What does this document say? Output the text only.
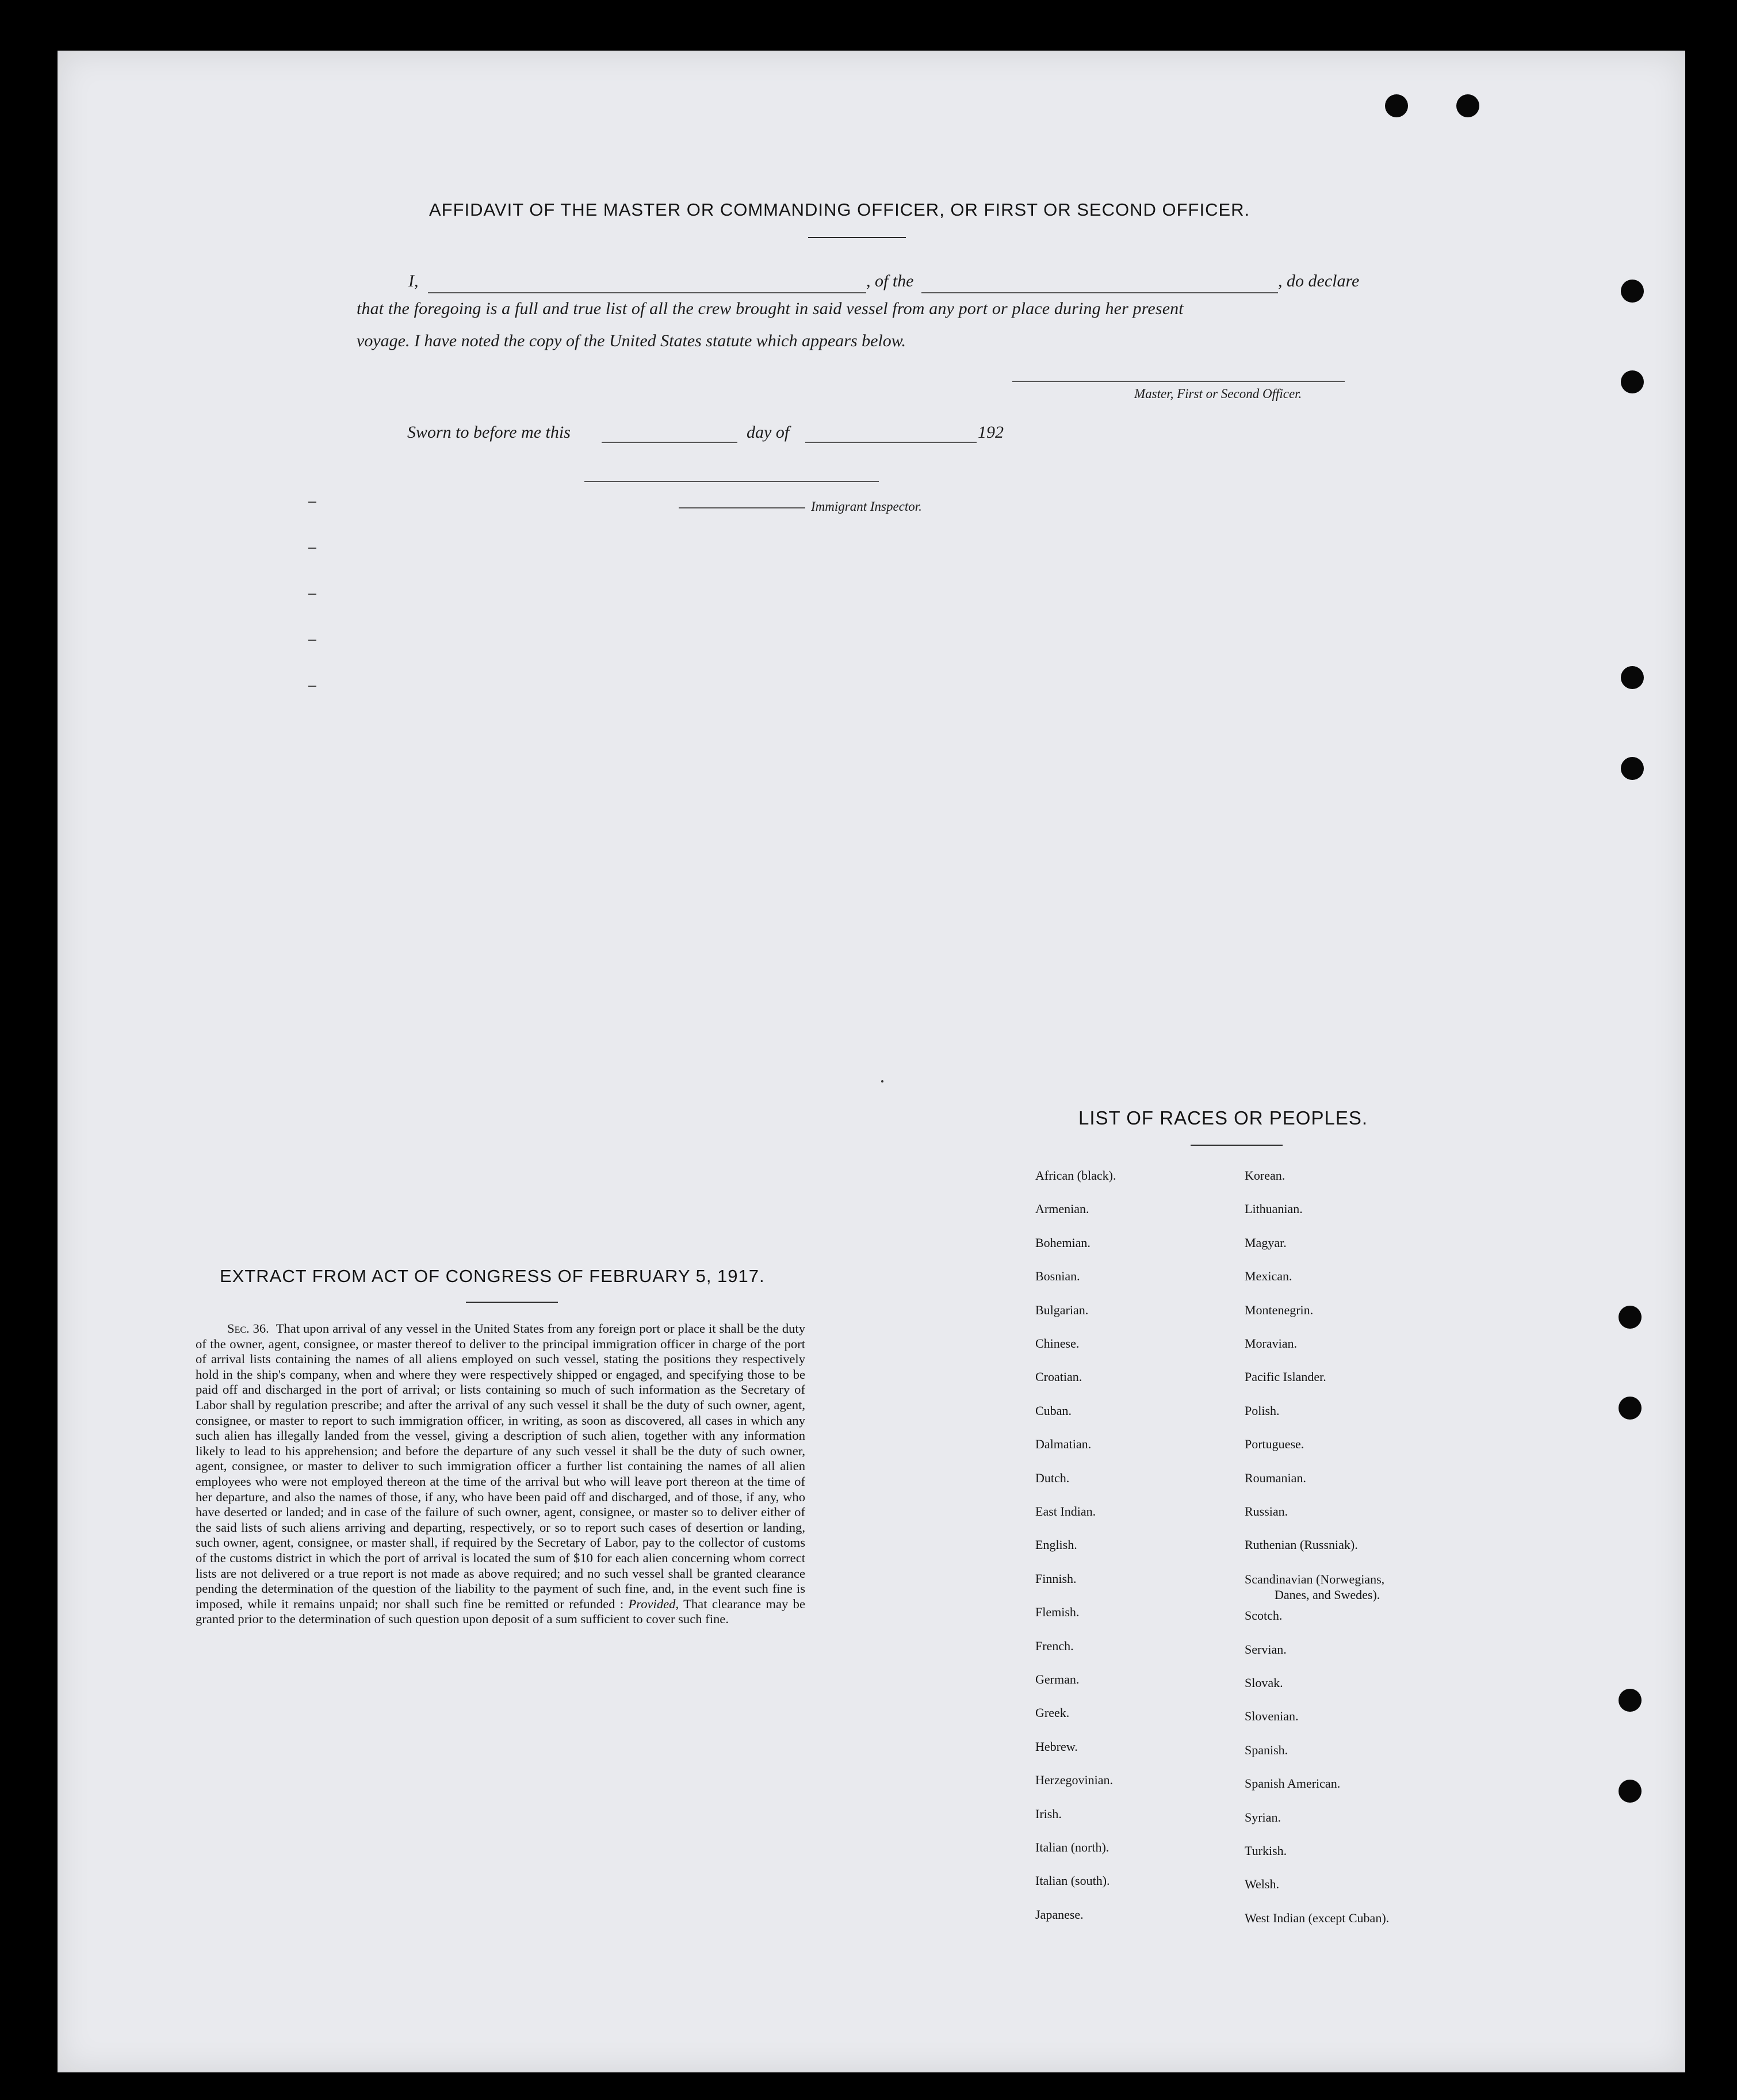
AFFIDAVIT OF THE MASTER OR COMMANDING OFFICER, OR FIRST OR SECOND OFFICER.
I,	, of the	, do declare
that the foregoing is a full and true list of all the crew brought in said vessel from any port or place during her present
voyage. I have noted the copy of the United States statute which appears below.
Master, First or Second Officer.
Sworn to before me this	day of	192
Immigrant Inspector.
EXTRACT FROM ACT OF CONGRESS OF FEBRUARY 5, 1917.
Sec. 36. That upon arrival of any vessel in the United States from any foreign port or place it shall be the duty of the owner, agent, consignee, or master thereof to deliver to the principal immigration officer in charge of the port of arrival lists containing the names of all aliens employed on such vessel, stating the positions they respectively hold in the ship's company, when and where they were respectively shipped or engaged, and specifying those to be paid off and discharged in the port of arrival; or lists containing so much of such information as the Secretary of Labor shall by regulation prescribe; and after the arrival of any such vessel it shall be the duty of such owner, agent, consignee, or master to report to such immigration officer, in writing, as soon as discovered, all cases in which any such alien has illegally landed from the vessel, giving a description of such alien, together with any information likely to lead to his apprehension; and before the departure of any such vessel it shall be the duty of such owner, agent, consignee, or master to deliver to such immigration officer a further list containing the names of all alien employees who were not employed thereon at the time of the arrival but who will leave port thereon at the time of her departure, and also the names of those, if any, who have been paid off and discharged, and of those, if any, who have deserted or landed; and in case of the failure of such owner, agent, consignee, or master so to deliver either of the said lists of such aliens arriving and departing, respectively, or so to report such cases of desertion or landing, such owner, agent, consignee, or master shall, if required by the Secretary of Labor, pay to the collector of customs of the customs district in which the port of arrival is located the sum of $10 for each alien concerning whom correct lists are not delivered or a true report is not made as above required; and no such vessel shall be granted clearance pending the determination of the question of the liability to the payment of such fine, and, in the event such fine is imposed, while it remains unpaid; nor shall such fine be remitted or refunded : Provided, That clearance may be granted prior to the determination of such question upon deposit of a sum sufficient to cover such fine.
LIST OF RACES OR PEOPLES.
African (black).
Armenian.
Bohemian.
Bosnian.
Bulgarian.
Chinese.
Croatian.
Cuban.
Dalmatian.
Dutch.
East Indian.
English.
Finnish.
Flemish.
French.
German.
Greek.
Hebrew.
Herzegovinian.
Irish.
Italian (north).
Italian (south).
Japanese.
Korean.
Lithuanian.
Magyar.
Mexican.
Montenegrin.
Moravian.
Pacific Islander.
Polish.
Portuguese.
Roumanian.
Russian.
Ruthenian (Russniak).
Scandinavian (Norwegians,
Danes, and Swedes).
Scotch.
Servian.
Slovak.
Slovenian.
Spanish.
Spanish American.
Syrian.
Turkish.
Welsh.
West Indian (except Cuban).
